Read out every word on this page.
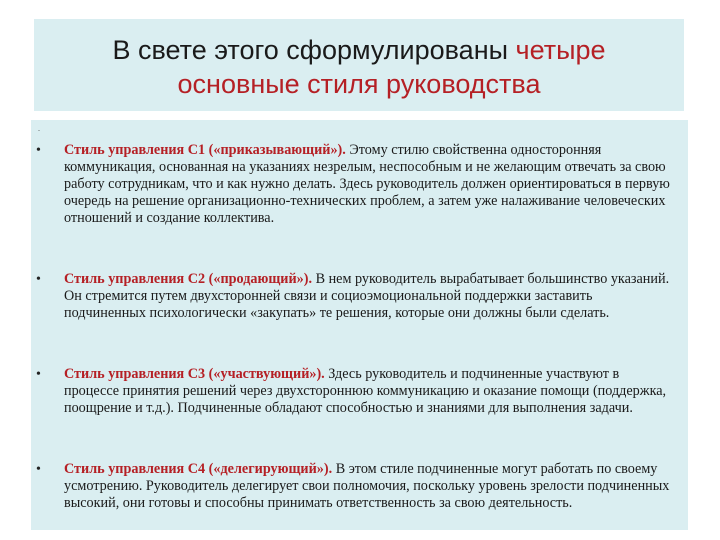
В свете этого сформулированы четыре
основные стиля руководства
.
• Стиль управления С1 («приказывающий»). Этому стилю свойственна односторонняя коммуникация, основанная на указаниях незрелым, неспособным и не желающим отвечать за свою работу сотрудникам, что и как нужно делать. Здесь руководитель должен ориентироваться в первую очередь на решение организационно-технических проблем, а затем уже налаживание человеческих отношений и создание коллектива.
• Стиль управления С2 («продающий»). В нем руководитель вырабатывает большинство указаний. Он стремится путем двухсторонней связи и социоэмоциональной поддержки заставить подчиненных психологически «закупать» те решения, которые они должны были сделать.
• Стиль управления С3 («участвующий»). Здесь руководитель и подчиненные участвуют в процессе принятия решений через двухстороннюю коммуникацию и оказание помощи (поддержка, поощрение и т.д.). Подчиненные обладают способностью и знаниями для выполнения задачи.
• Стиль управления С4 («делегирующий»). В этом стиле подчиненные могут работать по своему усмотрению. Руководитель делегирует свои полномочия, поскольку уровень зрелости подчиненных высокий, они готовы и способны принимать ответственность за свою деятельность.
